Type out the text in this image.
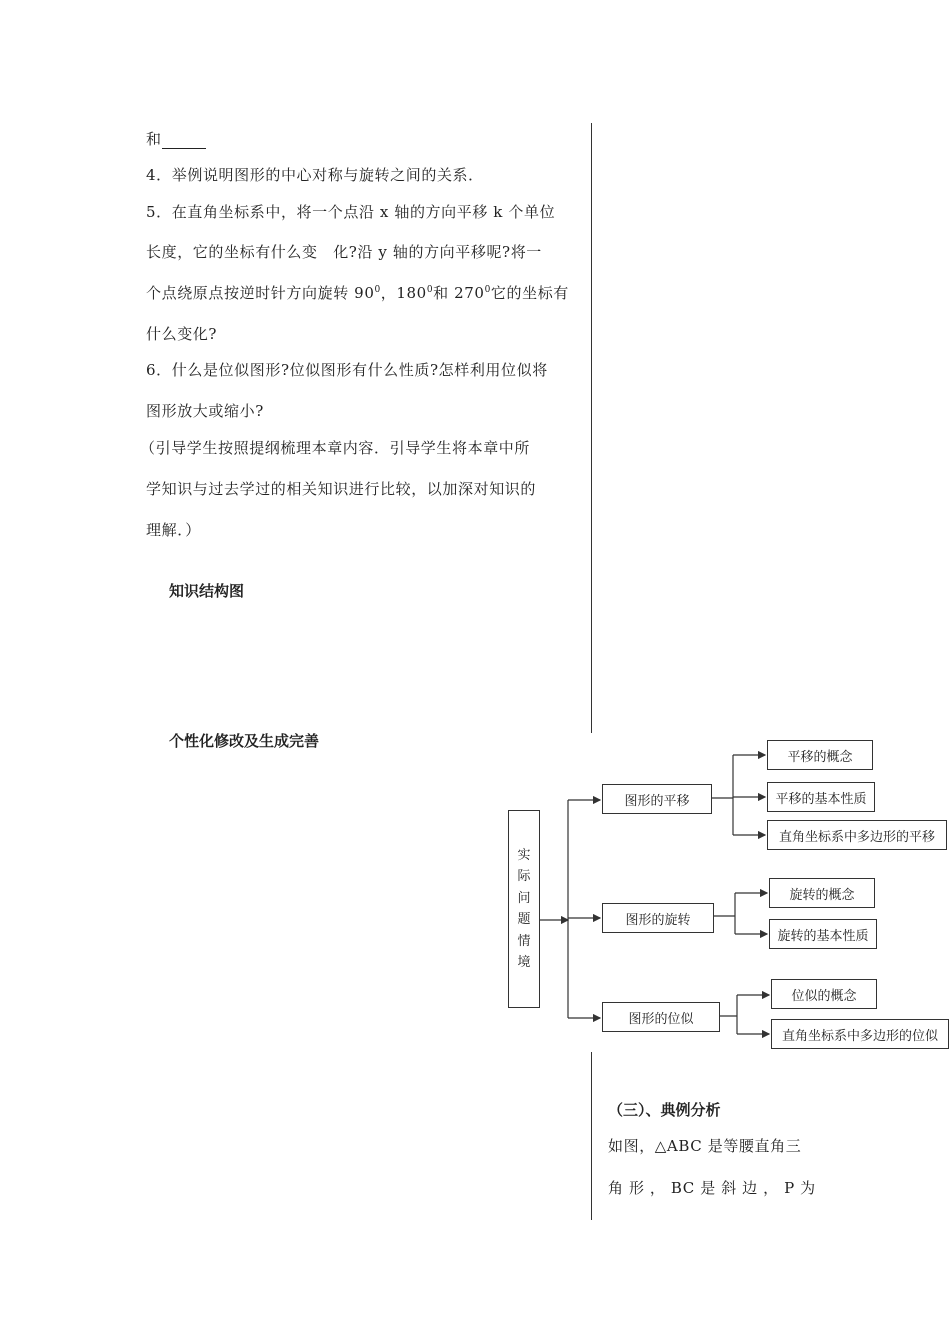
和
4．举例说明图形的中心对称与旋转之间的关系．
5．在直角坐标系中，将一个点沿 x 轴的方向平移 k 个单位
长度，它的坐标有什么变　化?沿 y 轴的方向平移呢?将一
个点绕原点按逆时针方向旋转 $90^0$，$180^0$和 $270^0$它的坐标有
什么变化?
6．什么是位似图形?位似图形有什么性质?怎样利用位似将
图形放大或缩小?
（引导学生按照提纲梳理本章内容．引导学生将本章中所
学知识与过去学过的相关知识进行比较，以加深对知识的
理解．）
知识结构图
个性化修改及生成完善
实
际
问
题
情
境
图形的平移
图形的旋转
图形的位似
平移的概念
平移的基本性质
直角坐标系中多边形的平移
旋转的概念
旋转的基本性质
位似的概念
直角坐标系中多边形的位似
（三）、典例分析
如图，△ABC 是等腰直角三
角 形 ， BC 是 斜 边 ， P 为
